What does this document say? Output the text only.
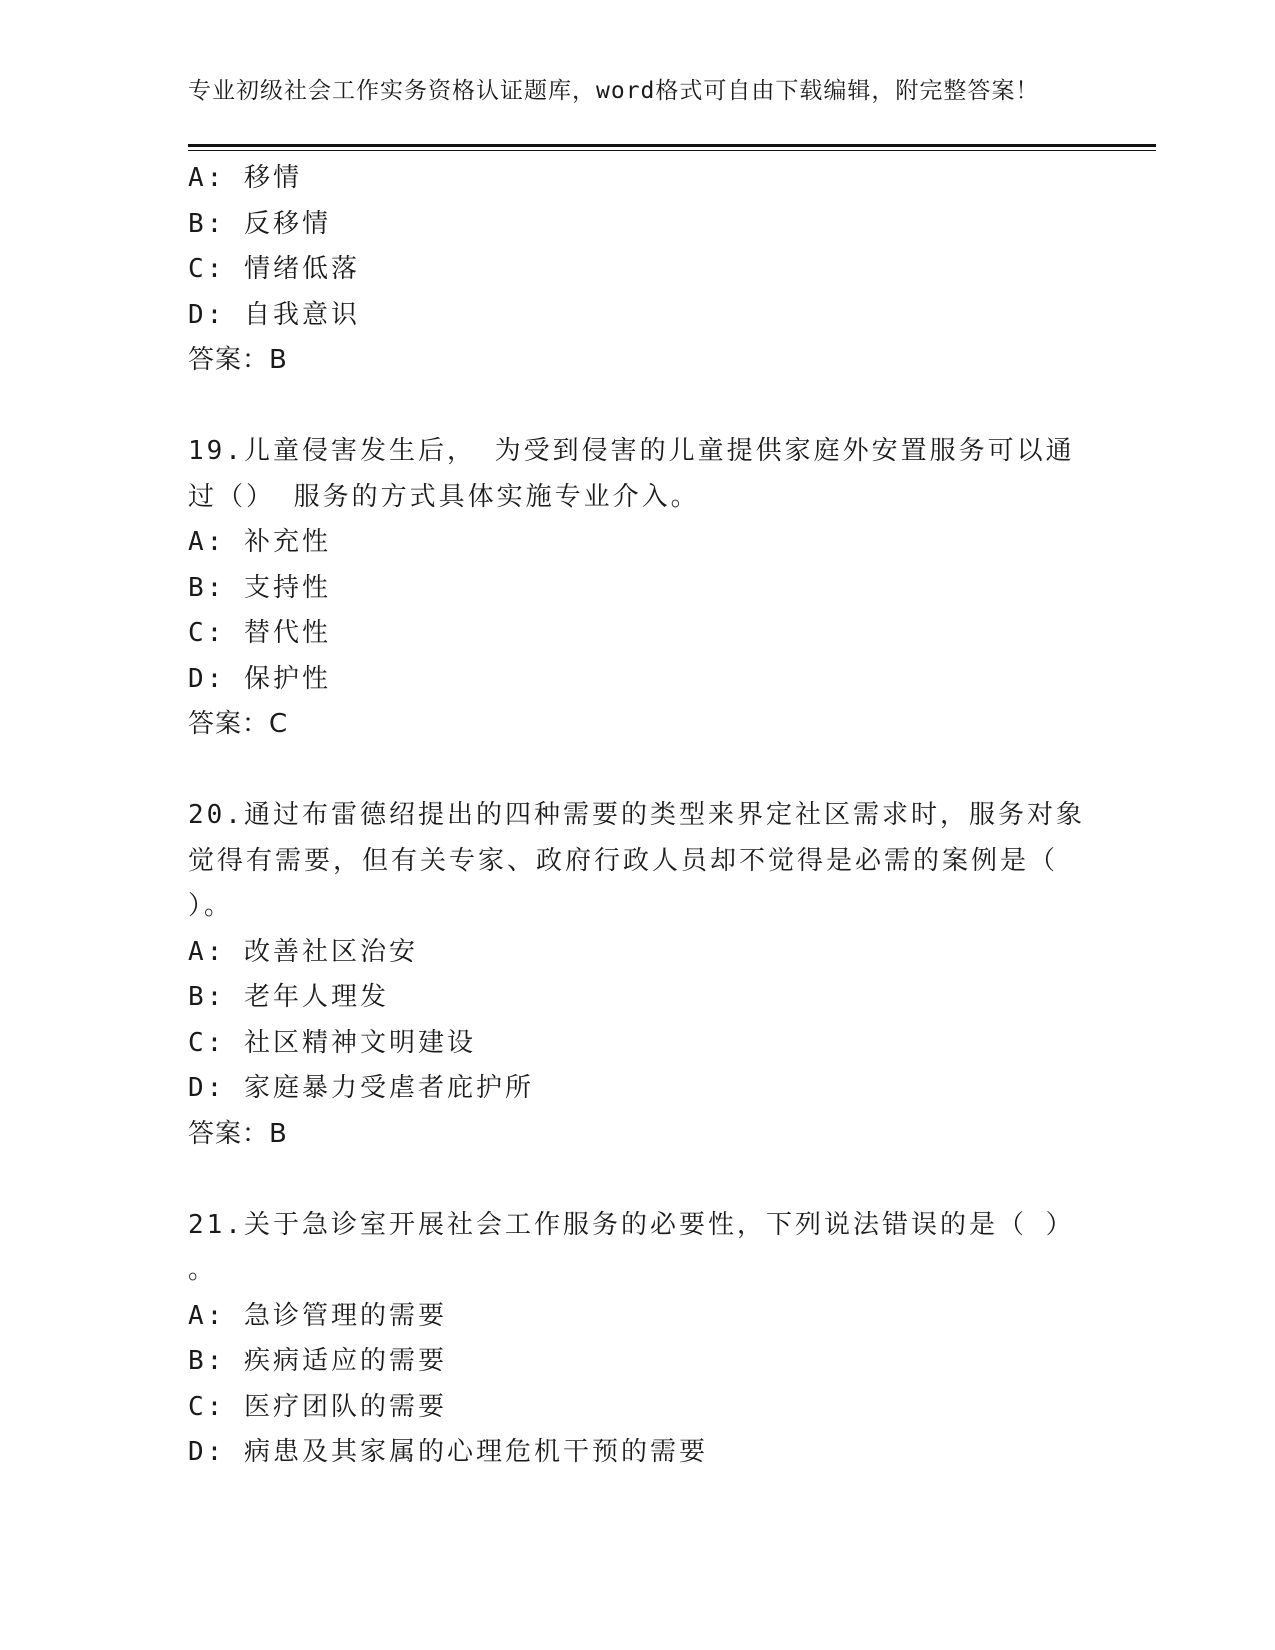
专业初级社会工作实务资格认证题库，word格式可自由下载编辑，附完整答案！
A: 移情
B: 反移情
C: 情绪低落
D: 自我意识
答案：B
19.儿童侵害发生后， 为受到侵害的儿童提供家庭外安置服务可以通
过（） 服务的方式具体实施专业介入。
A: 补充性
B: 支持性
C: 替代性
D: 保护性
答案：C
20.通过布雷德绍提出的四种需要的类型来界定社区需求时，服务对象
觉得有需要，但有关专家、政府行政人员却不觉得是必需的案例是（
）。
A: 改善社区治安
B: 老年人理发
C: 社区精神文明建设
D: 家庭暴力受虐者庇护所
答案：B
21.关于急诊室开展社会工作服务的必要性，下列说法错误的是（ ）
。
A: 急诊管理的需要
B: 疾病适应的需要
C: 医疗团队的需要
D: 病患及其家属的心理危机干预的需要
